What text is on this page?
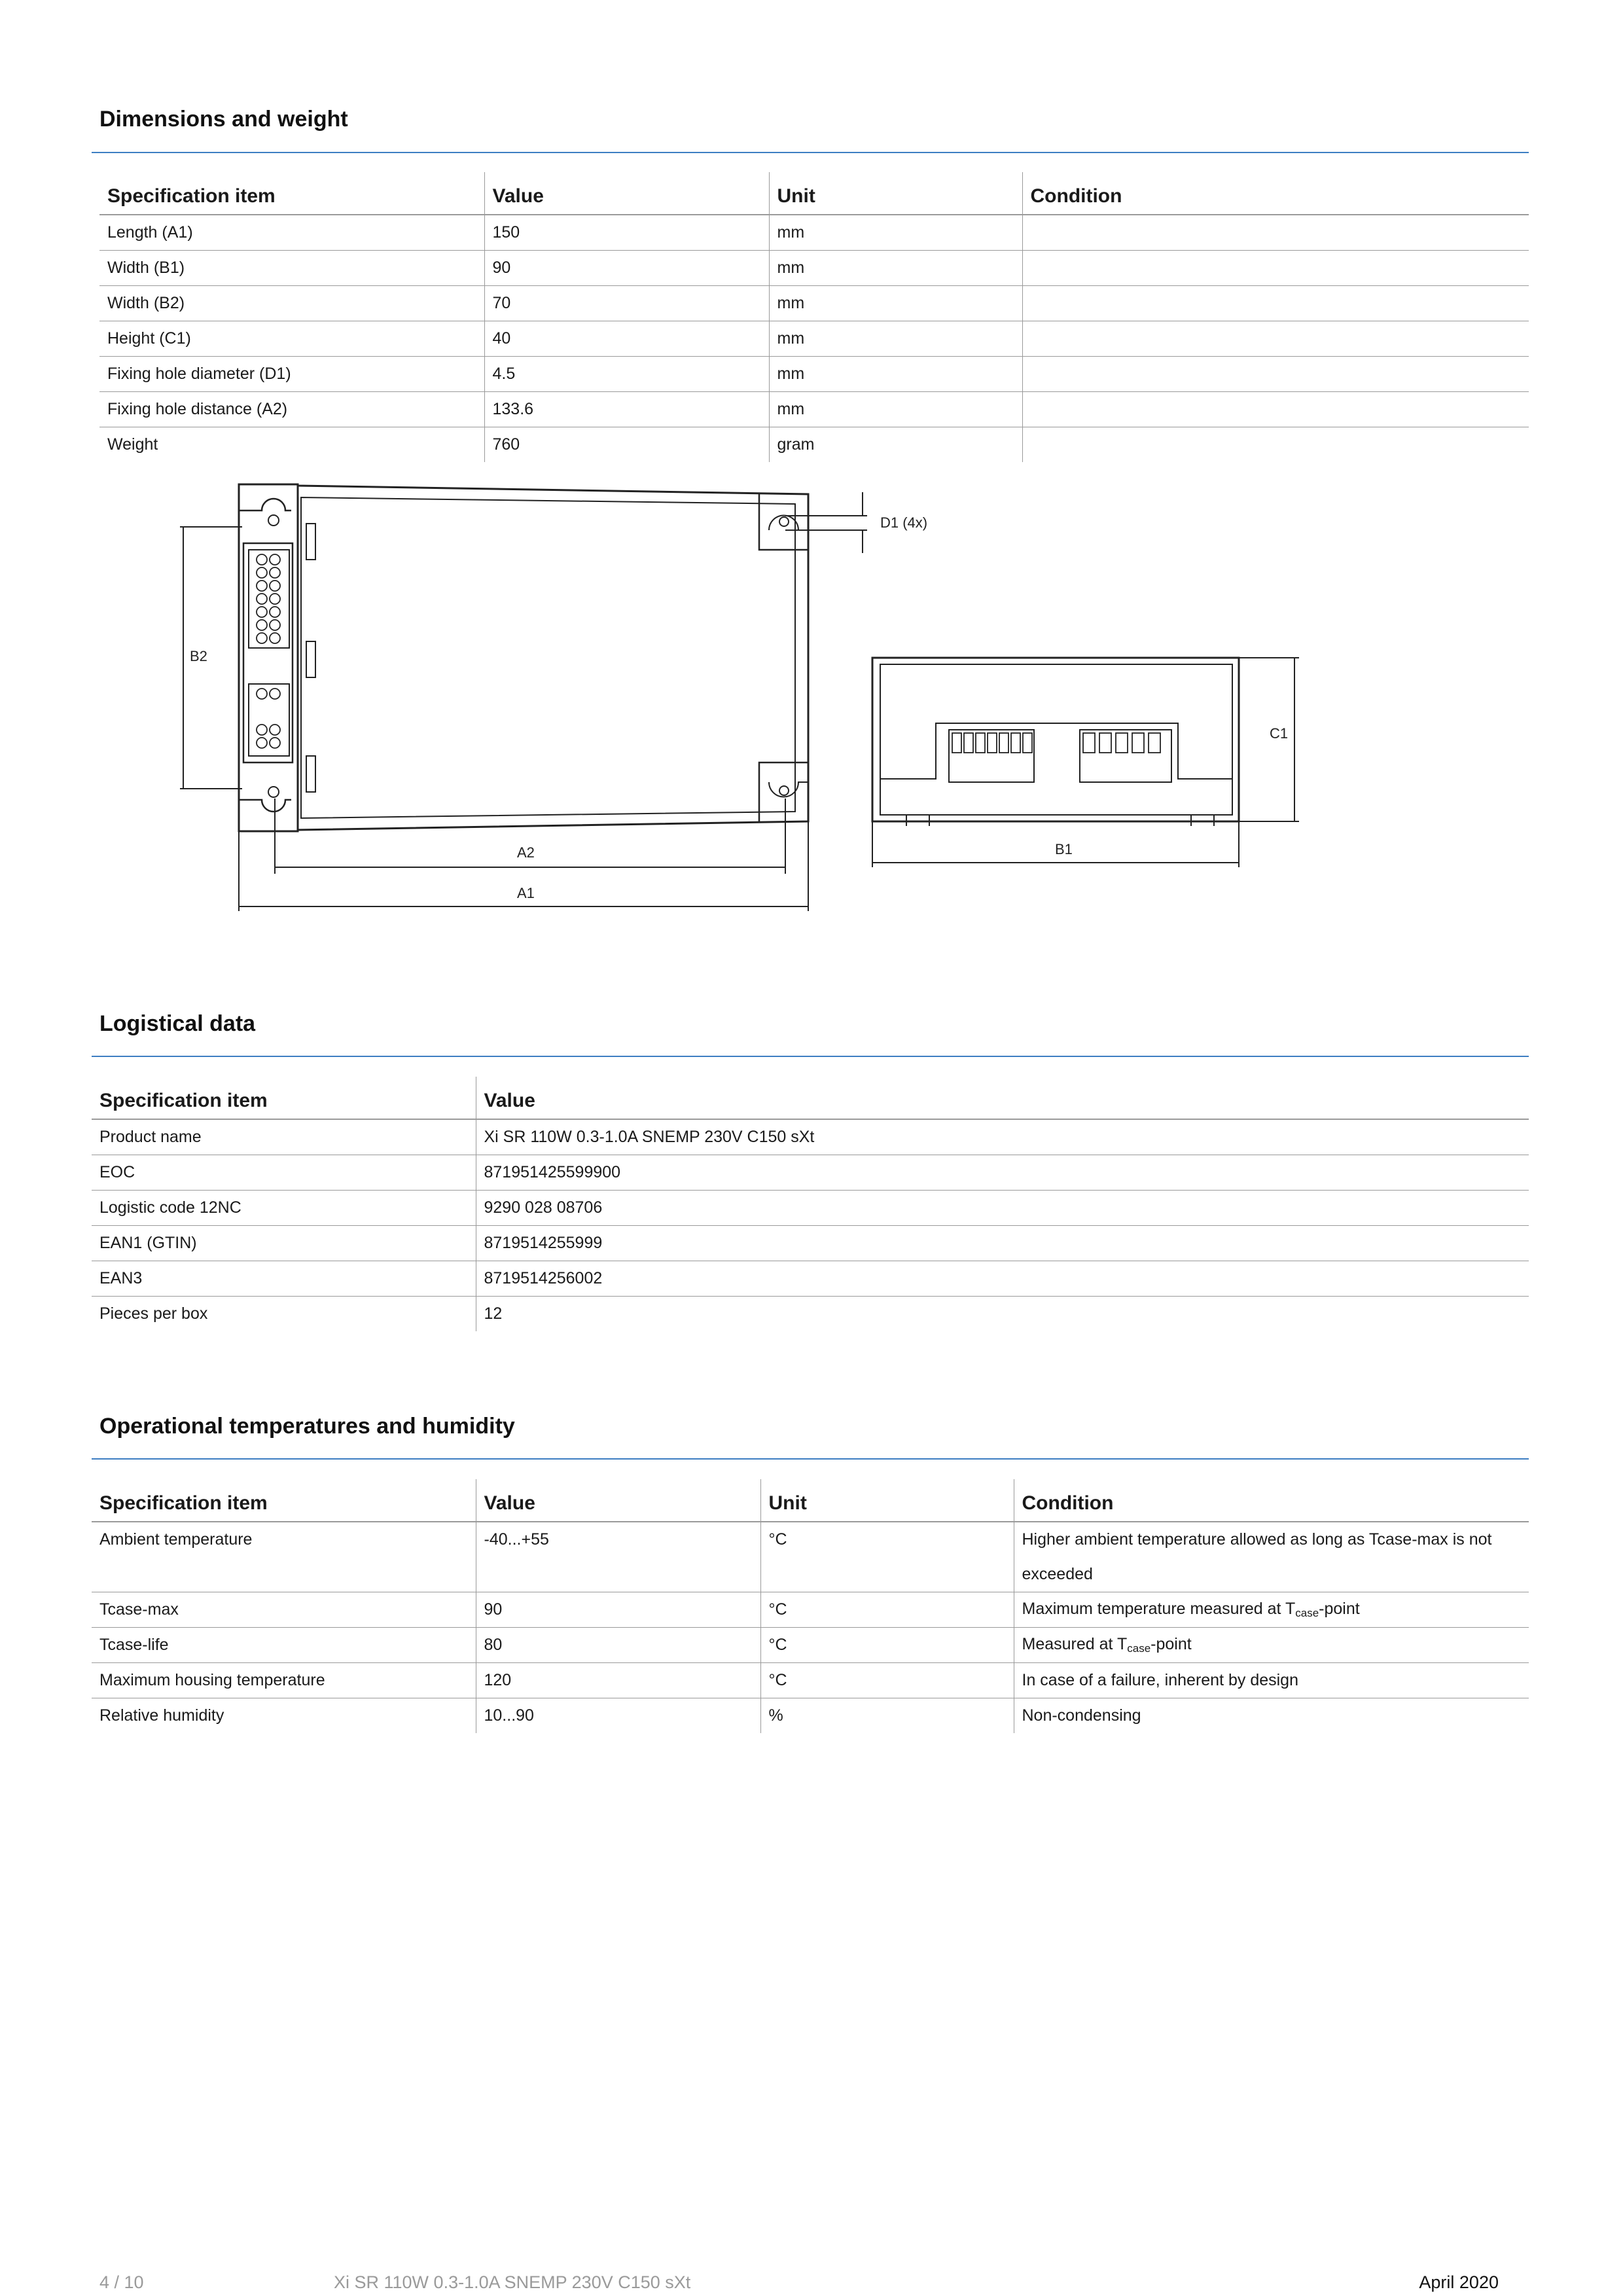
Dimensions and weight
Specification item	Value	Unit	Condition
Length (A1)	150	mm	
Width (B1)	90	mm	
Width (B2)	70	mm	
Height (C1)	40	mm	
Fixing hole diameter (D1)	4.5	mm	
Fixing hole distance (A2)	133.6	mm	
Weight	760	gram	
D1 (4x)
B2
A2
A1
C1
B1
Logistical data
Specification item	Value
Product name	Xi SR 110W 0.3-1.0A SNEMP 230V C150 sXt
EOC	871951425599900
Logistic code 12NC	9290 028 08706
EAN1 (GTIN)	8719514255999
EAN3	8719514256002
Pieces per box	12
Operational temperatures and humidity
Specification item	Value	Unit	Condition
Ambient temperature	-40...+55	°C	Higher ambient temperature allowed as long as Tcase-max is not exceeded
Tcase-max	90	°C	Maximum temperature measured at $T_{case}$-point
Tcase-life	80	°C	Measured at $T_{case}$-point
Maximum housing temperature	120	°C	In case of a failure, inherent by design
Relative humidity	10...90	%	Non-condensing
4 / 10	Xi SR 110W 0.3-1.0A SNEMP 230V C150 sXt	April 2020
